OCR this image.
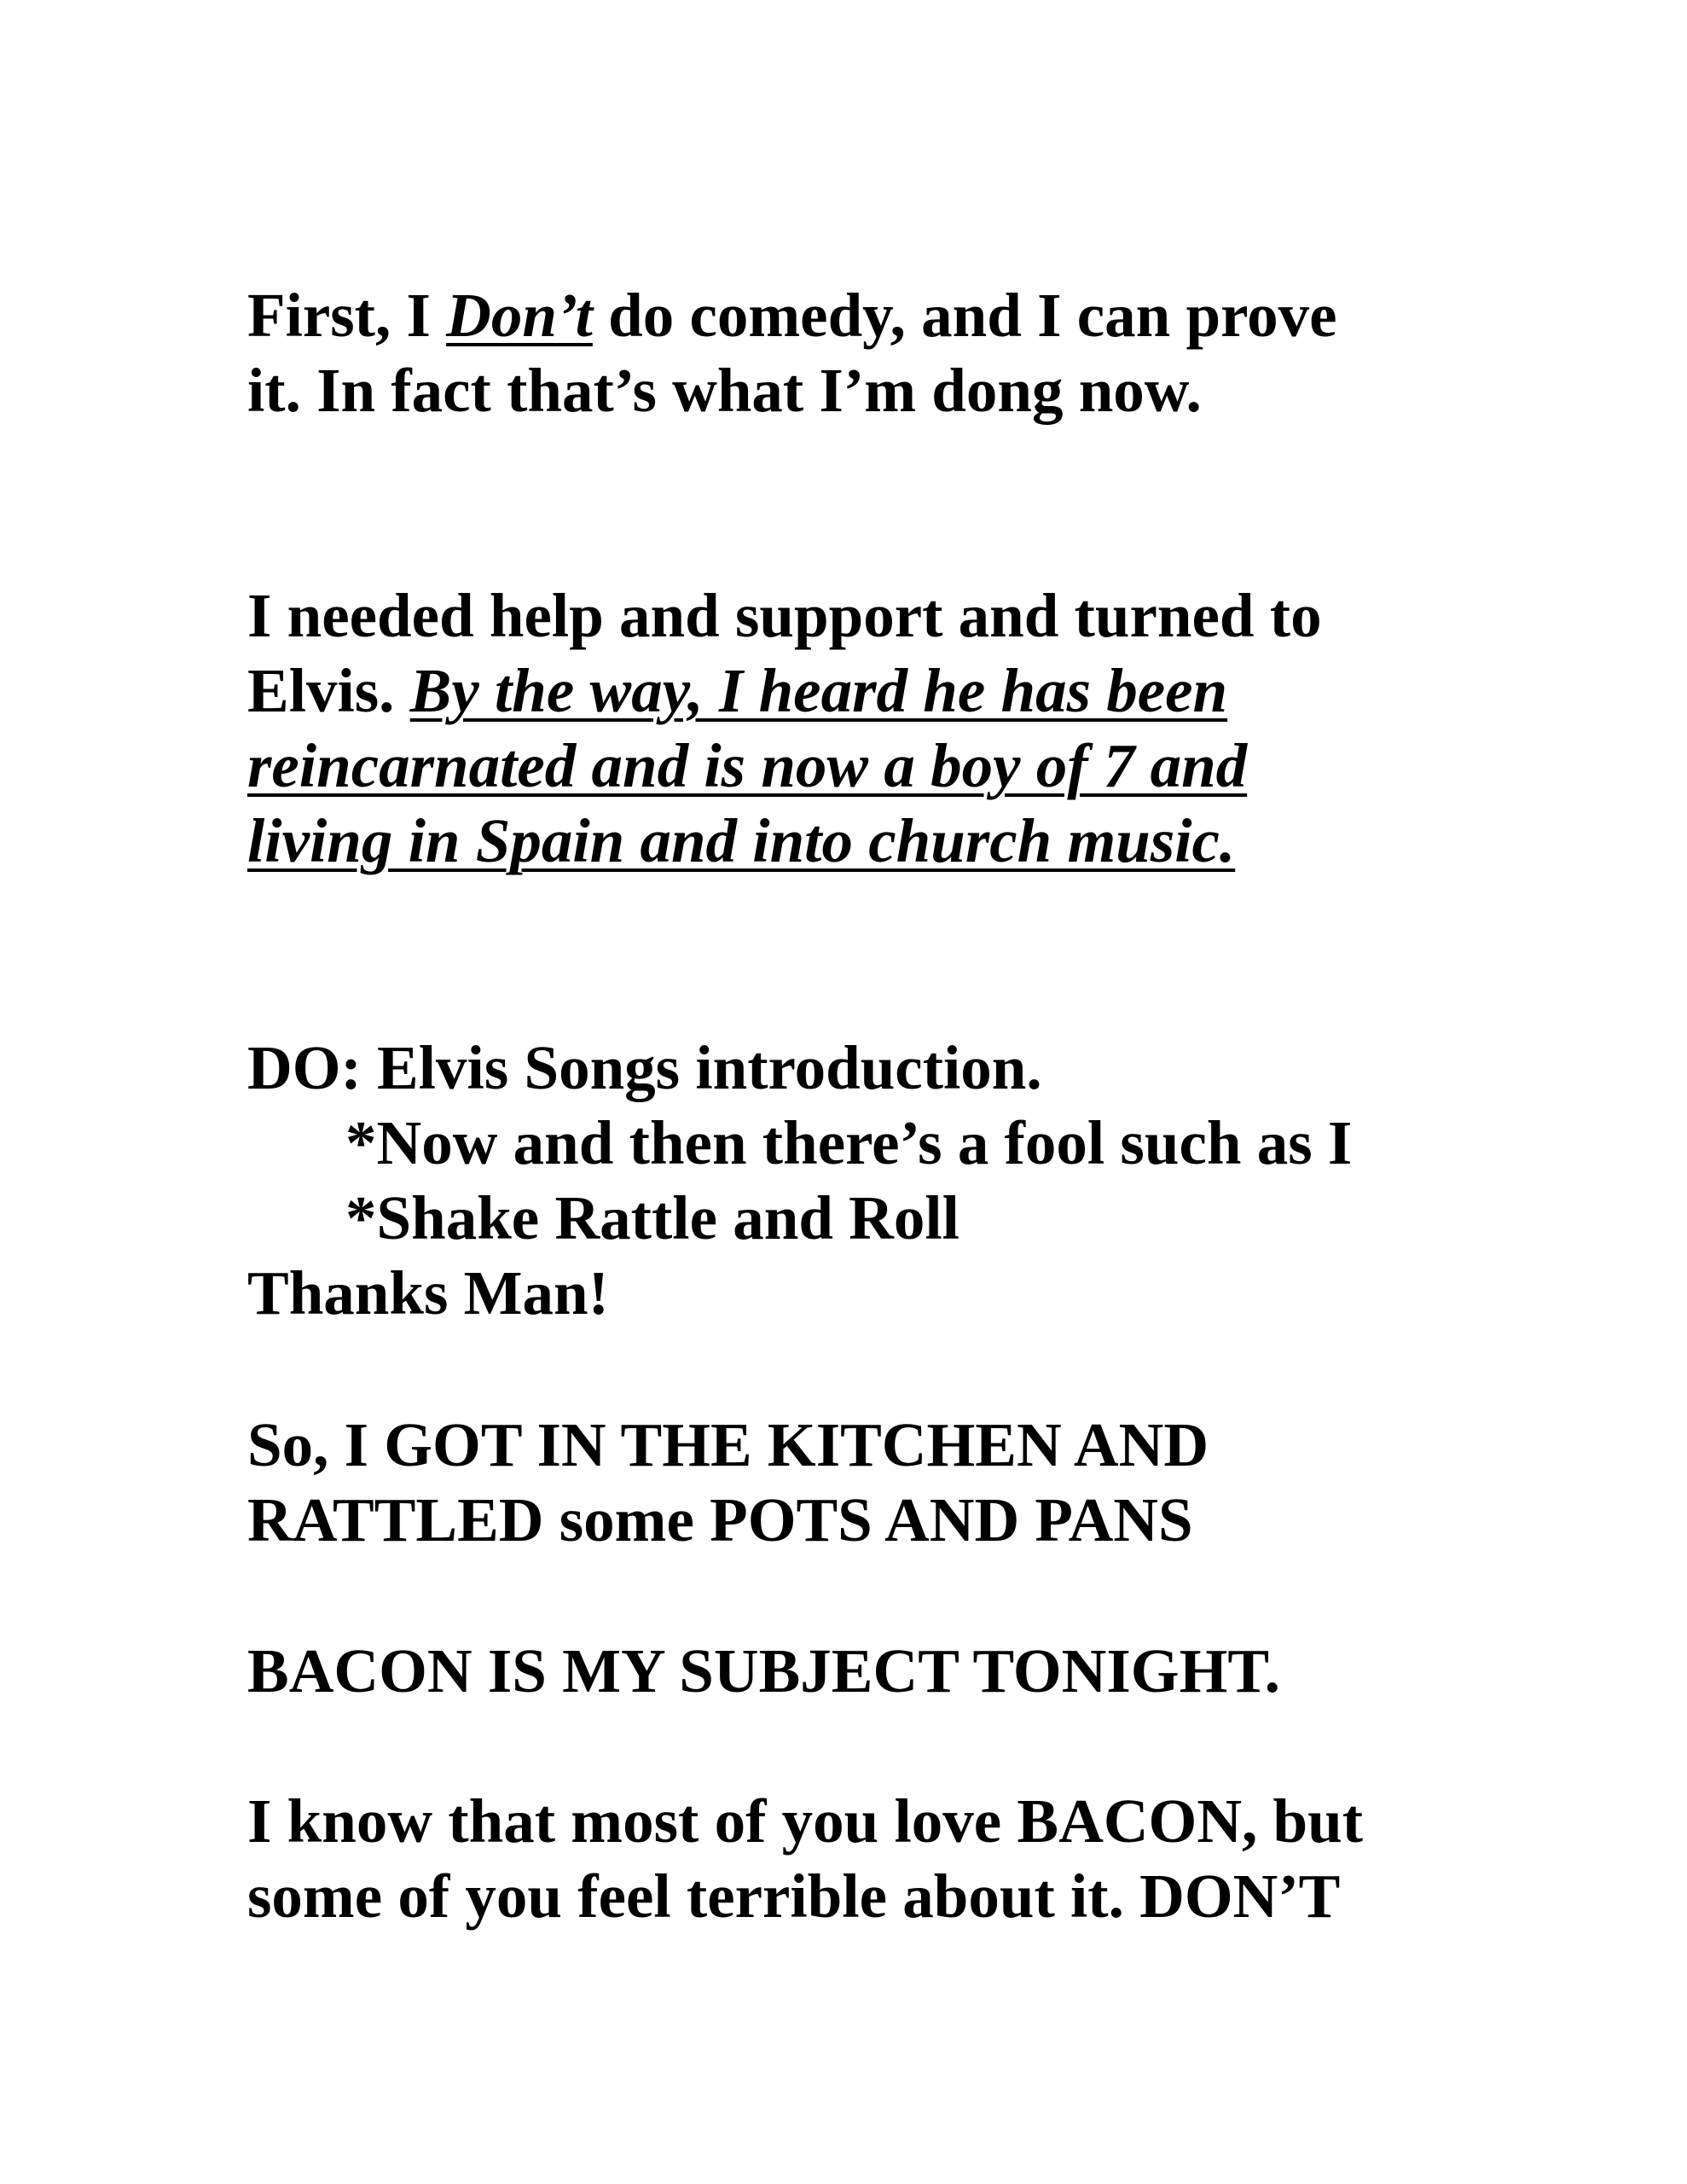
First, I Don’t do comedy, and I can prove
it. In fact that’s what I’m dong now.

I needed help and support and turned to
Elvis. By the way, I heard he has been
reincarnated and is now a boy of 7 and
living in Spain and into church music.

DO: Elvis Songs introduction.
*Now and then there’s a fool such as I
*Shake Rattle and Roll
Thanks Man!

So, I GOT IN THE KITCHEN AND
RATTLED some POTS AND PANS

BACON IS MY SUBJECT TONIGHT.

I know that most of you love BACON, but
some of you feel terrible about it. DON’T
